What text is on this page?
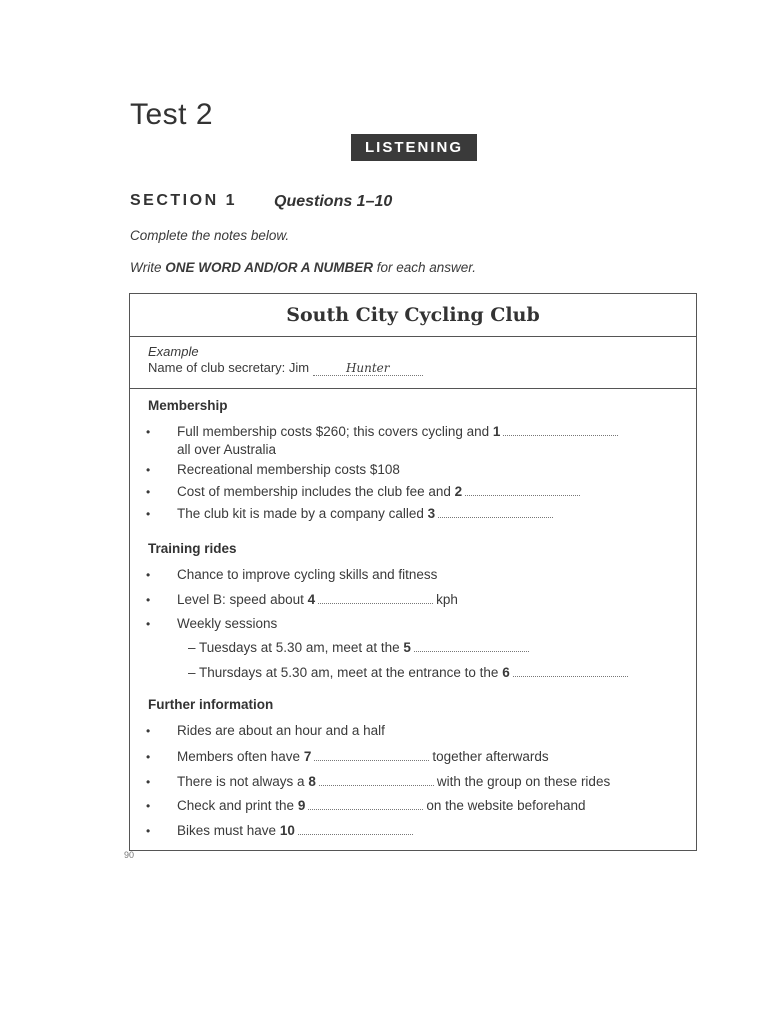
Test 2
LISTENING
SECTION 1 Questions 1–10
Complete the notes below.
Write ONE WORD AND/OR A NUMBER for each answer.
South City Cycling Club
Example
Name of club secretary: Jim	Hunter
Membership
• Full membership costs $260; this covers cycling and 1
all over Australia
• Recreational membership costs $108
• Cost of membership includes the club fee and 2
• The club kit is made by a company called 3
Training rides
• Chance to improve cycling skills and fitness
• Level B: speed about 4	kph
• Weekly sessions
– Tuesdays at 5.30 am, meet at the 5
– Thursdays at 5.30 am, meet at the entrance to the 6
Further information
• Rides are about an hour and a half
• Members often have 7	together afterwards
• There is not always a 8	with the group on these rides
• Check and print the 9	on the website beforehand
• Bikes must have 10
90
